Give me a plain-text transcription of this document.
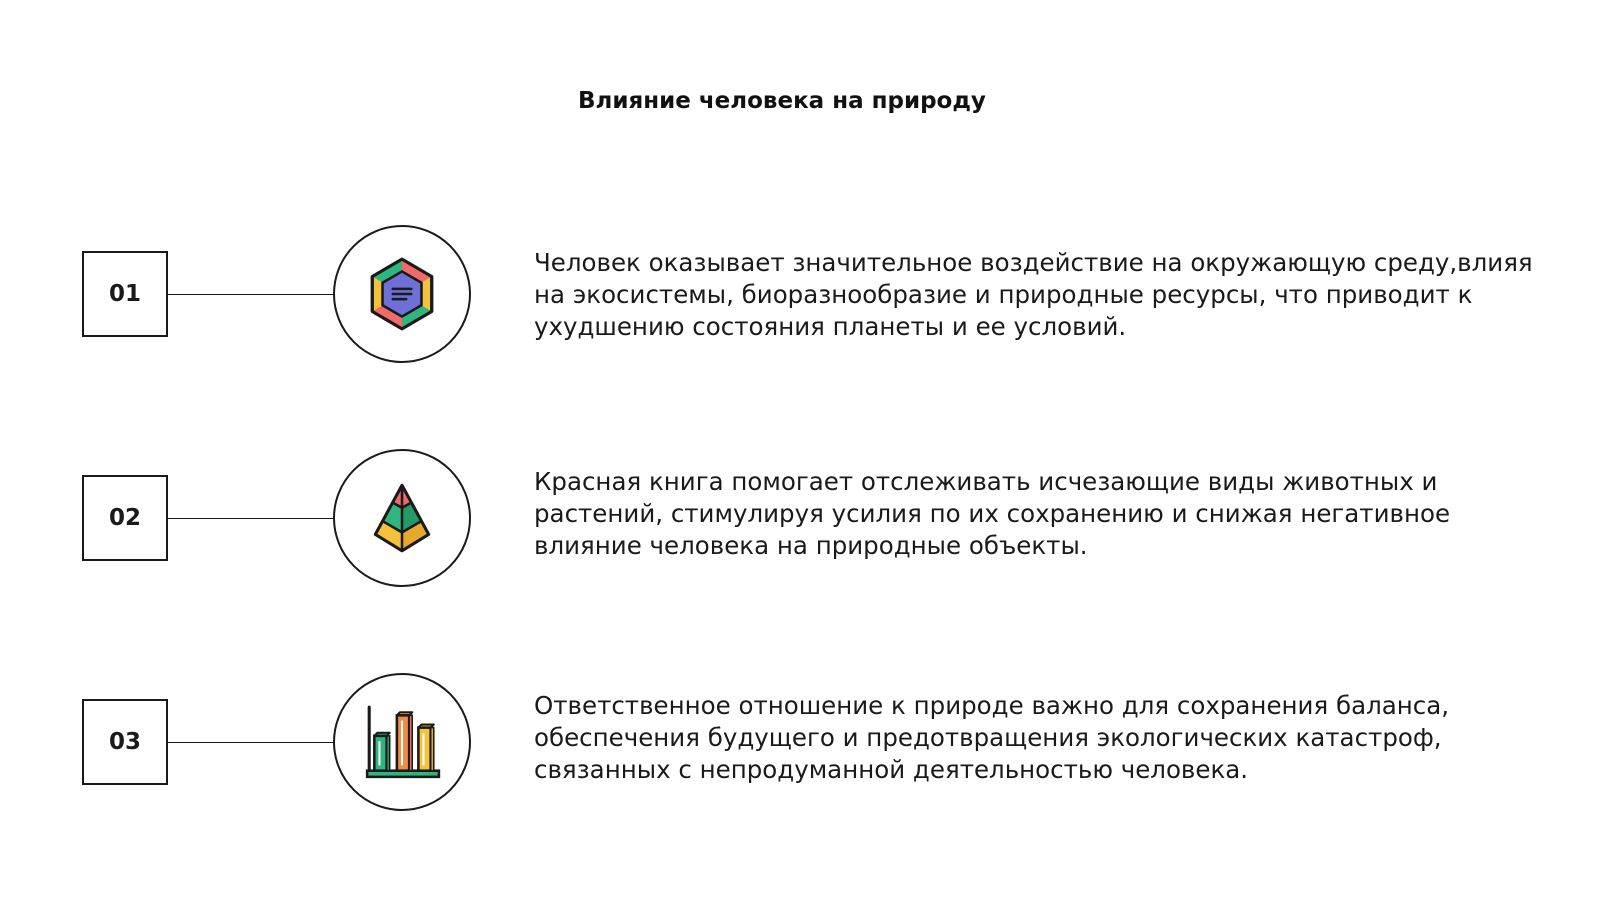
Влияние человека на природу
01

Человек оказывает значительное воздействие на окружающую среду,влияя на экосистемы, биоразнообразие и природные ресурсы, что приводит к ухудшению состояния планеты и ее условий.

02

Красная книга помогает отслеживать исчезающие виды животных и растений, стимулируя усилия по их сохранению и снижая негативное влияние человека на природные объекты.

03

Ответственное отношение к природе важно для сохранения баланса, обеспечения будущего и предотвращения экологических катастроф, связанных с непродуманной деятельностью человека.
